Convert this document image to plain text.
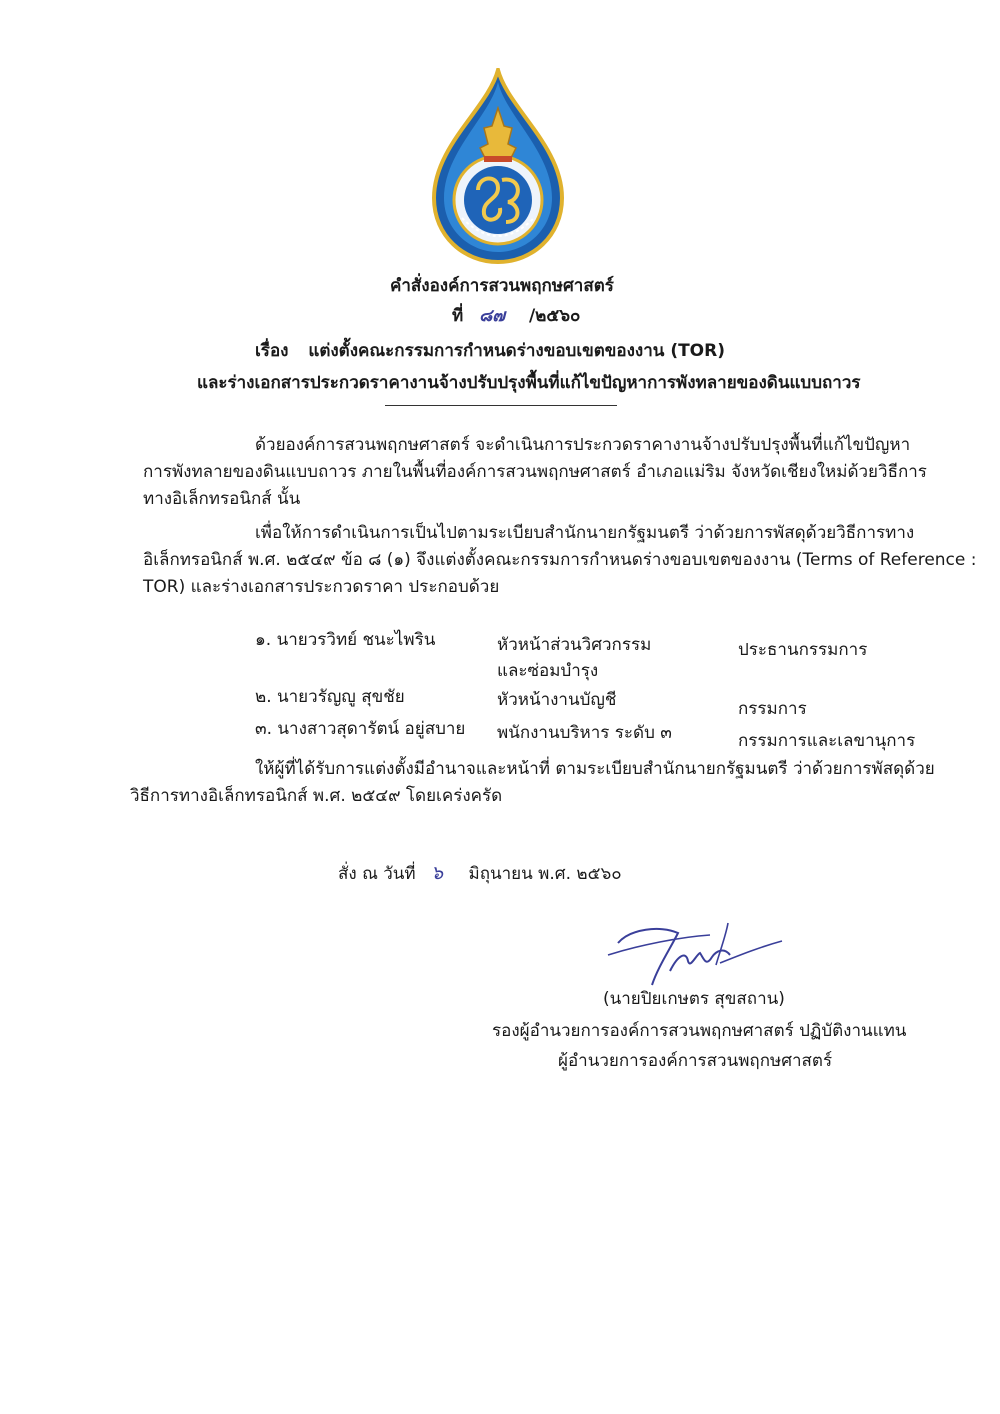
คำสั่งองค์การสวนพฤกษศาสตร์
ที่ ๘๗ /๒๕๖๐
เรื่อง แต่งตั้งคณะกรรมการกำหนดร่างขอบเขตของงาน (TOR)
และร่างเอกสารประกวดราคางานจ้างปรับปรุงพื้นที่แก้ไขปัญหาการพังทลายของดินแบบถาวร
ด้วยองค์การสวนพฤกษศาสตร์ จะดำเนินการประกวดราคางานจ้างปรับปรุงพื้นที่แก้ไขปัญหา
การพังทลายของดินแบบถาวร ภายในพื้นที่องค์การสวนพฤกษศาสตร์ อำเภอแม่ริม จังหวัดเชียงใหม่ด้วยวิธีการ
ทางอิเล็กทรอนิกส์ นั้น
เพื่อให้การดำเนินการเป็นไปตามระเบียบสำนักนายกรัฐมนตรี ว่าด้วยการพัสดุด้วยวิธีการทาง
อิเล็กทรอนิกส์ พ.ศ. ๒๕๔๙ ข้อ ๘ (๑) จึงแต่งตั้งคณะกรรมการกำหนดร่างขอบเขตของงาน (Terms of Reference :
TOR) และร่างเอกสารประกวดราคา ประกอบด้วย
๑. นายวรวิทย์ ชนะไพริน	หัวหน้าส่วนวิศวกรรม
และซ่อมบำรุง
ประธานกรรมการ
๒. นายวรัญญู สุขชัย	หัวหน้างานบัญชี	กรรมการ
๓. นางสาวสุดารัตน์ อยู่สบาย พนักงานบริหาร ระดับ ๓	กรรมการและเลขานุการ
ให้ผู้ที่ได้รับการแต่งตั้งมีอำนาจและหน้าที่ ตามระเบียบสำนักนายกรัฐมนตรี ว่าด้วยการพัสดุด้วย
วิธีการทางอิเล็กทรอนิกส์ พ.ศ. ๒๕๔๙ โดยเคร่งครัด
สั่ง ณ วันที่ ๖ มิถุนายน พ.ศ. ๒๕๖๐
(นายปิยเกษตร สุขสถาน)
รองผู้อำนวยการองค์การสวนพฤกษศาสตร์ ปฏิบัติงานแทน
ผู้อำนวยการองค์การสวนพฤกษศาสตร์
